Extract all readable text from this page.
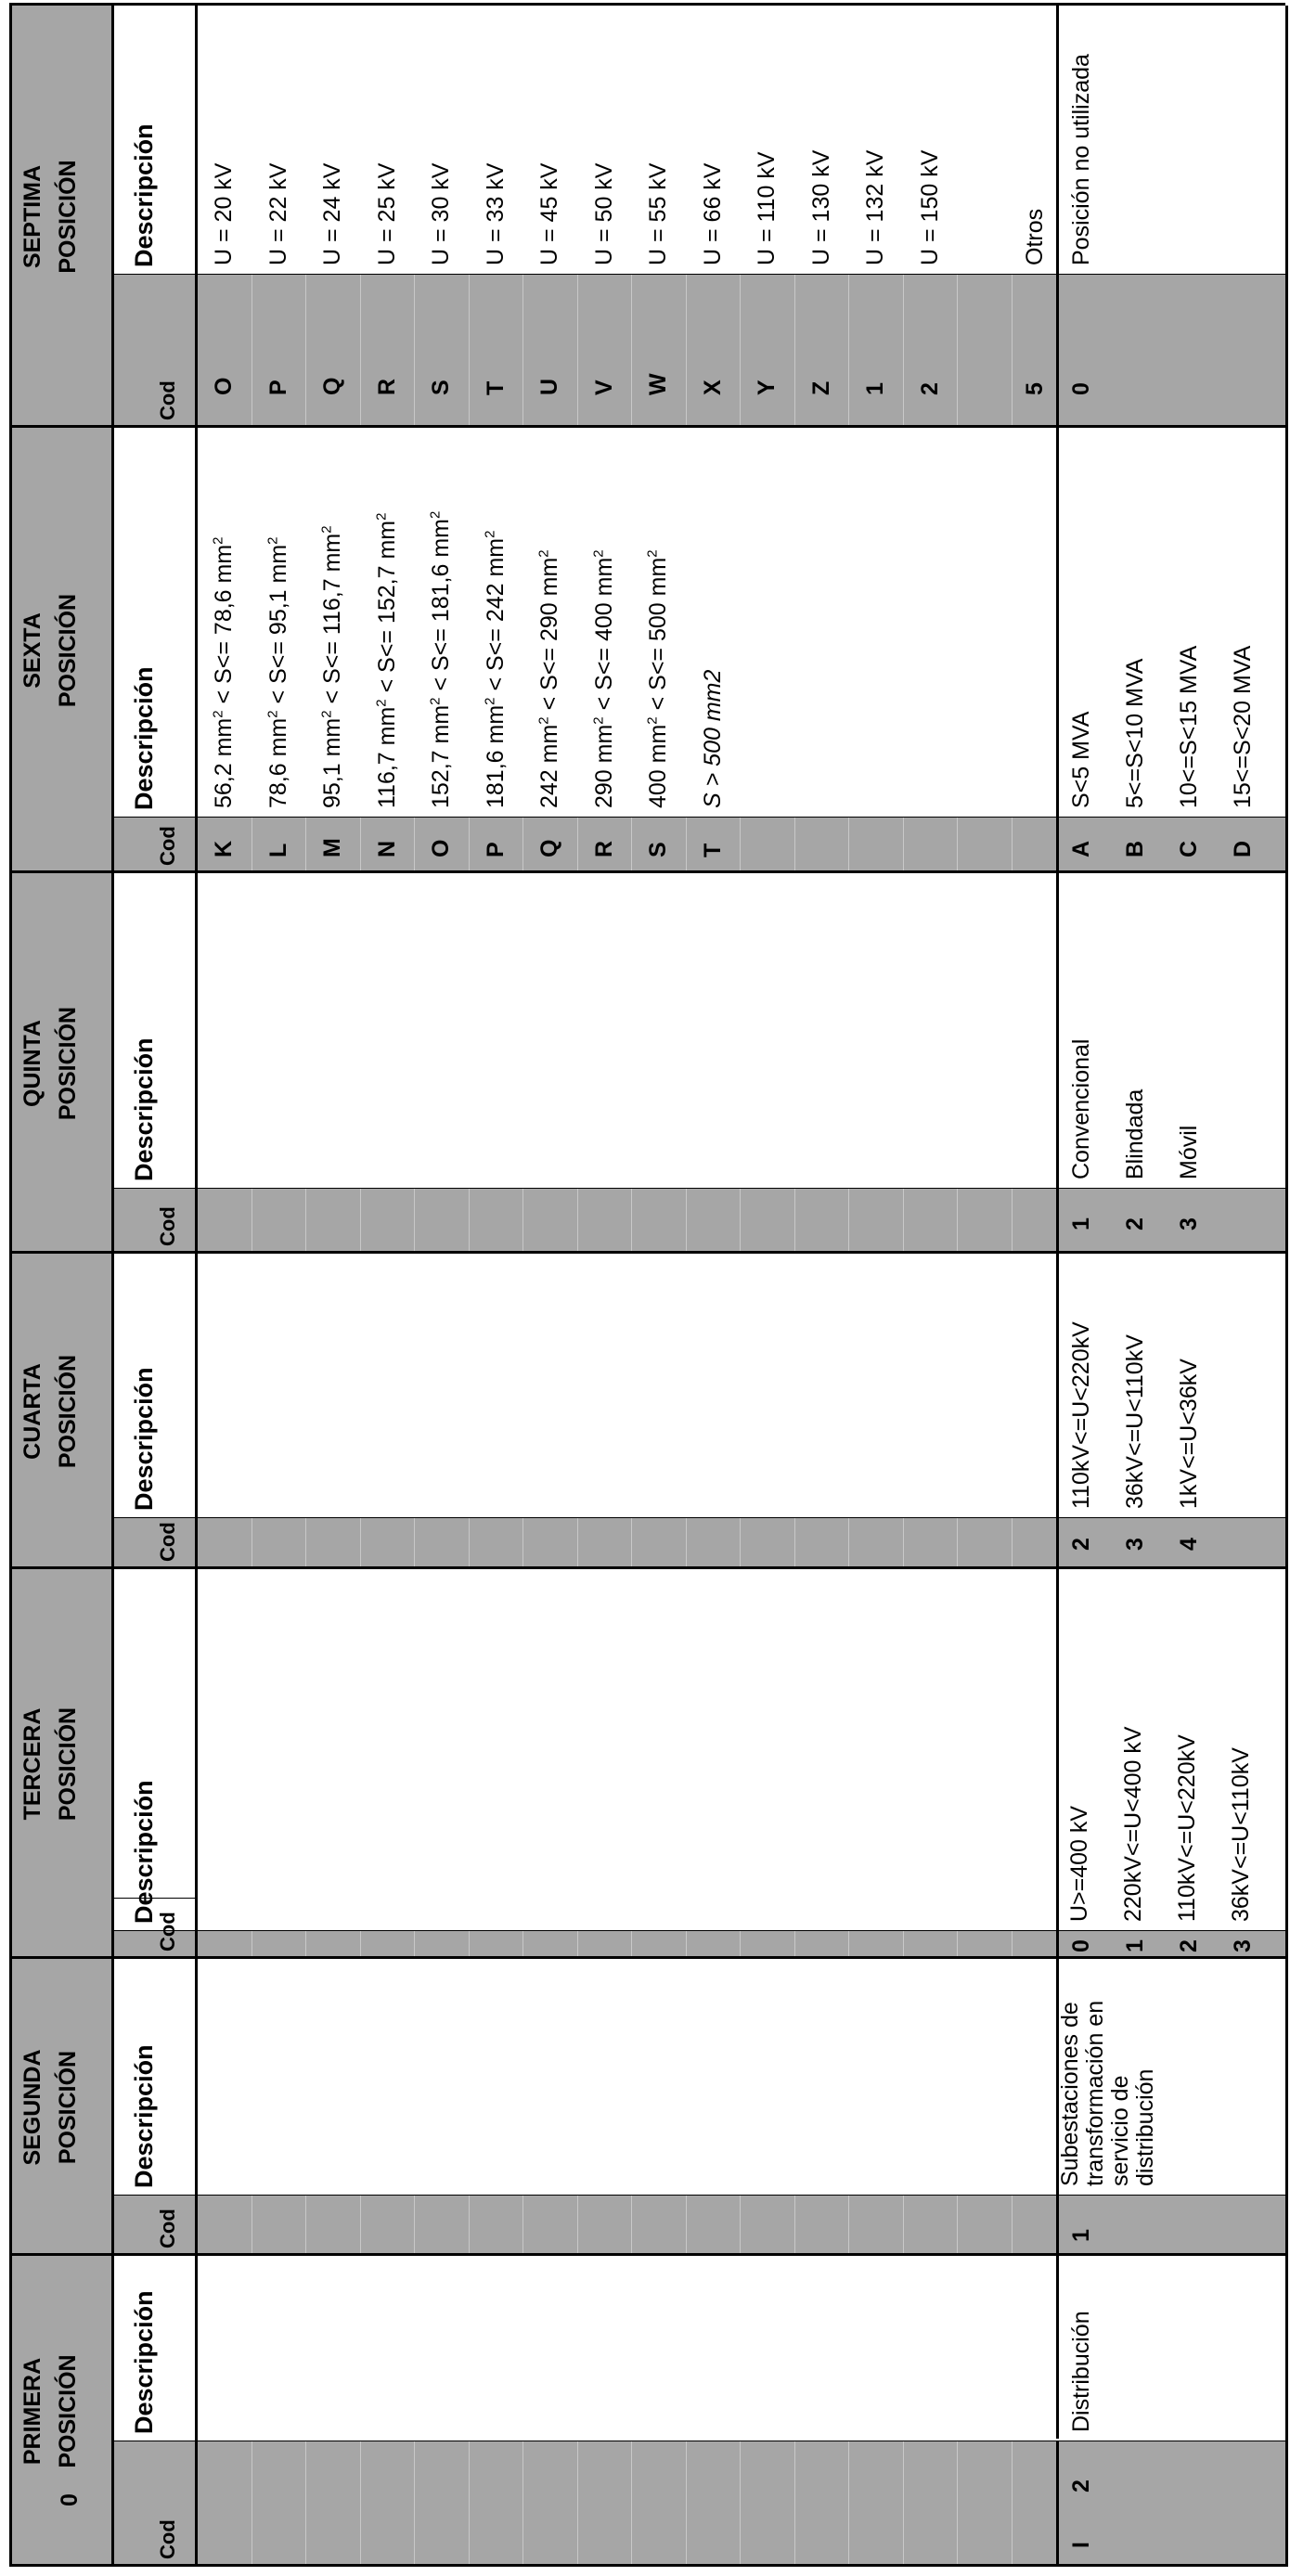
0
PRIMERA POSICIÓN
Cod
Descripción
SEGUNDA POSICIÓN
Cod
Descripción
TERCERA POSICIÓN
Cod
Descripción
CUARTA POSICIÓN
Cod
Descripción
QUINTA POSICIÓN
Cod
Descripción
SEXTA POSICIÓN
Cod
Descripción
SEPTIMA POSICIÓN
Cod
Descripción
I
2
Distribución
1
Subestaciones de transformación en servicio de distribución
0
U>=400 kV
1
220kV<=U<400 kV
2
110kV<=U<220kV
3
36kV<=U<110kV
2
110kV<=U<220kV
3
36kV<=U<110kV
4
1kV<=U<36kV
1
Convencional
2
Blindada
3
Móvil
K
56,2 $mm^2 < S<= 78,6$ $mm^2$
L
78,6 $mm^2 < S<= 95,1$ $mm^2$
M
95,1 $mm^2 < S<= 116,7$ $mm^2$
N
116,7 $mm^2 < S<= 152,7$ $mm^2$
O
152,7 $mm^2 < S<= 181,6$ $mm^2$
P
181,6 $mm^2 < S<= 242$ $mm^2$
Q
242 $mm^2 < S<= 290$ $mm^2$
R
290 $mm^2 < S<= 400$ $mm^2$
S
400 $mm^2 < S<= 500$ $mm^2$
T
S > 500 mm2
A
S<5 MVA
B
5<=S<10 MVA
C
10<=S<15 MVA
D
15<=S<20 MVA
O
U = 20 kV
P
U = 22 kV
Q
U = 24 kV
R
U = 25 kV
S
U = 30 kV
T
U = 33 kV
U
U = 45 kV
V
U = 50 kV
W
U = 55 kV
X
U = 66 kV
Y
U = 110 kV
Z
U = 130 kV
1
U = 132 kV
2
U = 150 kV
5
Otros
0
Posición no utilizada
